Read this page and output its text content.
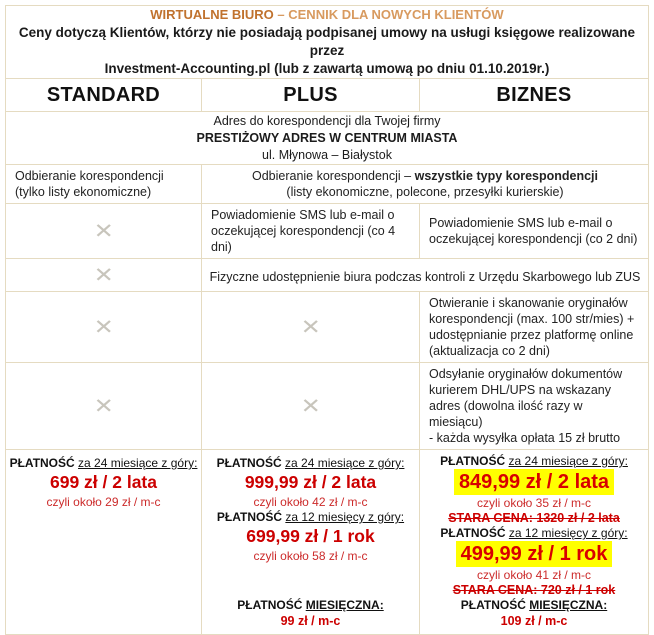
WIRTUALNE BIURO – CENNIK DLA NOWYCH KLIENTÓW
Ceny dotyczą Klientów, którzy nie posiadają podpisanej umowy na usługi księgowe realizowane przez
Investment-Accounting.pl (lub z zawartą umową po dniu 01.10.2019r.)		

STANDARD	PLUS	BIZNES

Adres do korespondencji dla Twojej firmy
PRESTIŻOWY ADRES W CENTRUM MIASTA
ul. Młynowa – Białystok		

Odbieranie korespondencji
(tylko listy ekonomiczne)

Odbieranie korespondencji – wszystkie typy korespondencji
(listy ekonomiczne, polecone, przesyłki kurierskie)

✕	Powiadomienie SMS lub e-mail o oczekującej korespondencji (co 4 dni)	Powiadomienie SMS lub e-mail o oczekującej korespondencji (co 2 dni)

✕	Fizyczne udostępnienie biura podczas kontroli z Urzędu Skarbowego lub ZUS	

✕	✕	Otwieranie i skanowanie oryginałów korespondencji (max. 100 str/mies) + udostępnianie przez platformę online (aktualizacja co 2 dni)

✕	✕	Odsyłanie oryginałów dokumentów kurierem DHL/UPS na wskazany adres (dowolna ilość razy w miesiącu)
- każda wysyłka opłata 15 zł brutto

PŁATNOŚĆ za 24 miesiące z góry:
699 zł / 2 lata
czyli około 29 zł / m-c

PŁATNOŚĆ za 24 miesiące z góry:
999,99 zł / 2 lata
czyli około 42 zł / m-c
PŁATNOŚĆ za 12 miesięcy z góry:
699,99 zł / 1 rok
czyli około 58 zł / m-c
PŁATNOŚĆ MIESIĘCZNA:
99 zł / m-c

PŁATNOŚĆ za 24 miesiące z góry:
849,99 zł / 2 lata
czyli około 35 zł / m-c
STARA CENA: 1320 zł / 2 lata
PŁATNOŚĆ za 12 miesięcy z góry:
499,99 zł / 1 rok
czyli około 41 zł / m-c
STARA CENA: 720 zł / 1 rok
PŁATNOŚĆ MIESIĘCZNA:
109 zł / m-c
